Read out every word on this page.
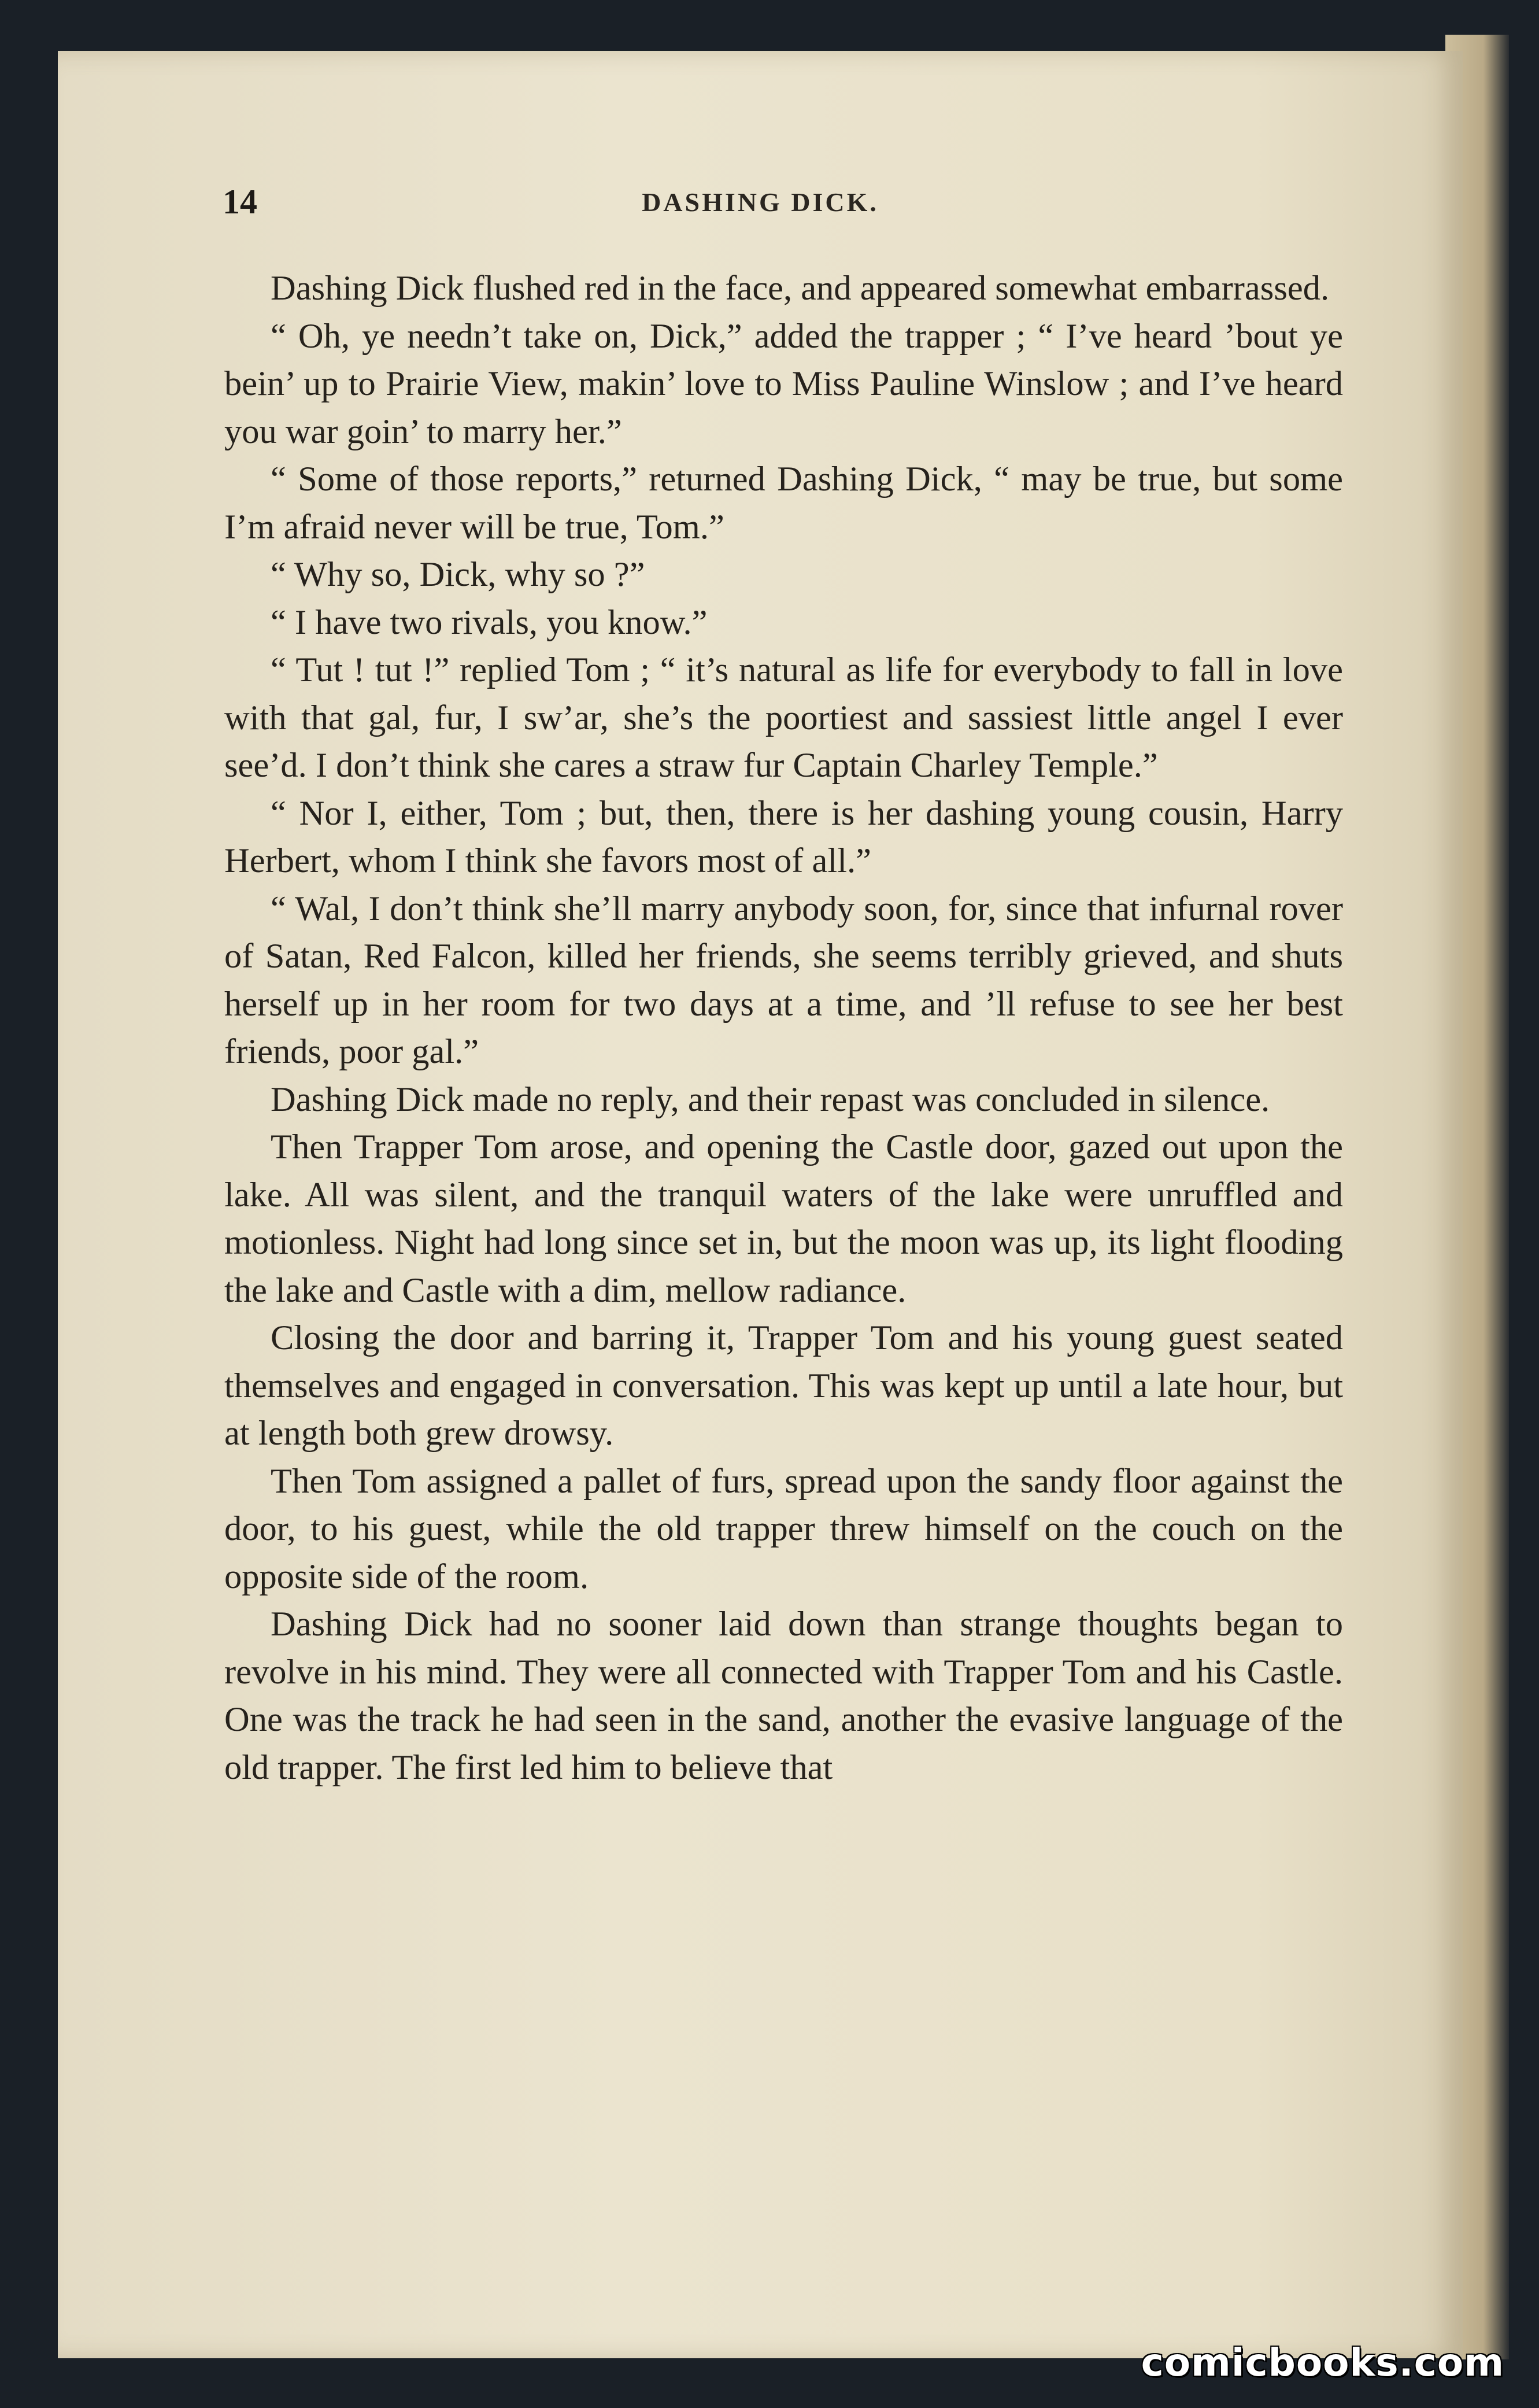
14	DASHING DICK.

Dashing Dick flushed red in the face, and appeared somewhat embarrassed.

“ Oh, ye needn’t take on, Dick,” added the trapper ; “ I’ve heard ’bout ye bein’ up to Prairie View, makin’ love to Miss Pauline Winslow ; and I’ve heard you war goin’ to marry her.”

“ Some of those reports,” returned Dashing Dick, “ may be true, but some I’m afraid never will be true, Tom.”

“ Why so, Dick, why so ?”

“ I have two rivals, you know.”

“ Tut ! tut !” replied Tom ; “ it’s natural as life for everybody to fall in love with that gal, fur, I sw’ar, she’s the poortiest and sassiest little angel I ever see’d. I don’t think she cares a straw fur Captain Charley Temple.”

“ Nor I, either, Tom ; but, then, there is her dashing young cousin, Harry Herbert, whom I think she favors most of all.”

“ Wal, I don’t think she’ll marry anybody soon, for, since that infurnal rover of Satan, Red Falcon, killed her friends, she seems terribly grieved, and shuts herself up in her room for two days at a time, and ’ll refuse to see her best friends, poor gal.”

Dashing Dick made no reply, and their repast was concluded in silence.

Then Trapper Tom arose, and opening the Castle door, gazed out upon the lake. All was silent, and the tranquil waters of the lake were unruffled and motionless. Night had long since set in, but the moon was up, its light flooding the lake and Castle with a dim, mellow radiance.

Closing the door and barring it, Trapper Tom and his young guest seated themselves and engaged in conversation. This was kept up until a late hour, but at length both grew drowsy.

Then Tom assigned a pallet of furs, spread upon the sandy floor against the door, to his guest, while the old trapper threw himself on the couch on the opposite side of the room.

Dashing Dick had no sooner laid down than strange thoughts began to revolve in his mind. They were all connected with Trapper Tom and his Castle. One was the track he had seen in the sand, another the evasive language of the old trapper. The first led him to believe that

comicbooks.com
